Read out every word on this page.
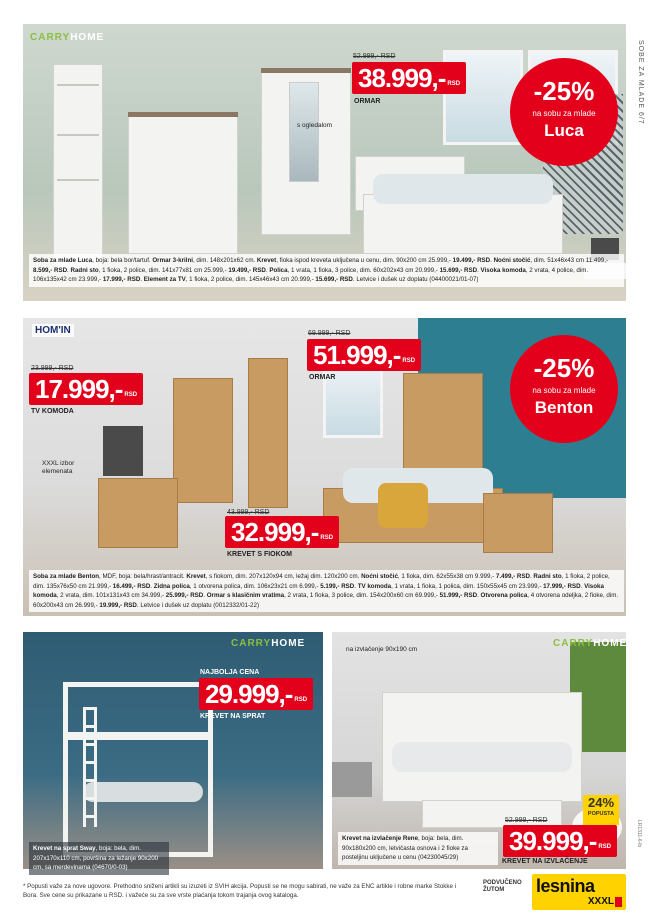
SOBE ZA MLADE 6/7
LR1311-6-lb
CARRYHOME
52.999,- RSD
38.999,- RSD
ORMAR
s ogledalom
-25%
na sobu za mlade
Luca
Soba za mlade Luca, boja: bela bor/tartuf. Ormar 3-krilni, dim. 148x201x62 cm. Krevet, fioka ispod kreveta uključena u cenu, dim. 90x200 cm 25.999,- 19.499,- RSD. Noćni stočić, dim. 51x46x43 cm 11.499,- 8.599,- RSD. Radni sto, 1 fioka, 2 police, dim. 141x77x81 cm 25.999,- 19.499,- RSD. Polica, 1 vrata, 1 fioka, 3 police, dim. 60x202x43 cm 20.999,- 15.699,- RSD. Visoka komoda, 2 vrata, 4 police, dim. 106x135x42 cm 23.999,- 17.999,- RSD. Element za TV, 1 fioka, 2 police, dim. 145x46x43 cm 20.999,- 15.699,- RSD. Letvice i dušek uz doplatu (04400021/01-07)
HOM'IN
23.999,- RSD
17.999,- RSD
TV KOMODA
XXXL izbor elemenata
69.999,- RSD
51.999,- RSD
ORMAR
43.999,- RSD
32.999,- RSD
KREVET S FIOKOM
-25%
na sobu za mlade
Benton
Soba za mlade Benton, MDF, boja: bela/hrast/antracit. Krevet, s fiokom, dim. 207x120x94 cm, ležaj dim. 120x200 cm. Noćni stočić, 1 fioka, dim. 62x55x38 cm 9.999,- 7.499,- RSD. Radni sto, 1 fioka, 2 police, dim. 135x76x50 cm 21.999,- 16.499,- RSD. Zidna polica, 1 otvorena polica, dim. 106x23x21 cm 6.999,- 5.199,- RSD. TV komoda, 1 vrata, 1 fioka, 1 polica, dim. 150x55x45 cm 23.999,- 17.999,- RSD. Visoka komoda, 2 vrata, dim. 101x131x43 cm 34.999,- 25.999,- RSD. Ormar s klasičnim vratima, 2 vrata, 1 fioka, 3 police, dim. 154x200x60 cm 69.999,- 51.999,- RSD. Otvorena polica, 4 otvorena odeljka, 2 fioke, dim. 60x200x43 cm 26.999,- 19.999,- RSD. Letvice i dušek uz doplatu (0012332/01-22)
CARRYHOME
NAJBOLJA CENA
29.999,- RSD
KREVET NA SPRAT
Krevet na sprat Sway, boja: bela, dim. 207x170x110 cm, površina za ležanje 90x200 cm, sa merdevinama (04670/0-03)
CARRYHOME
na izvlačenje 90x190 cm
24%
POPUSTA
52.999,- RSD
39.999,- RSD
KREVET NA IZVLAČENJE
Krevet na izvlačenje Rene, boja: bela, dim. 90x180x200 cm, letvičasta osnova i 2 fioke za posteljinu uključene u cenu (04230045/29)
* Popusti važe za nove ugovore. Prethodno sniženi artikli su izuzeti iz SVIH akcija. Popusti se ne mogu sabirati, ne važe za ENC artikle i robne marke Stokke i Bora. Sve cene su prikazane u RSD. i važeće su za sve vrste plaćanja tokom trajanja ovog kataloga.
PODVUČENO
ŽUTOM	lesnina
XXXL
